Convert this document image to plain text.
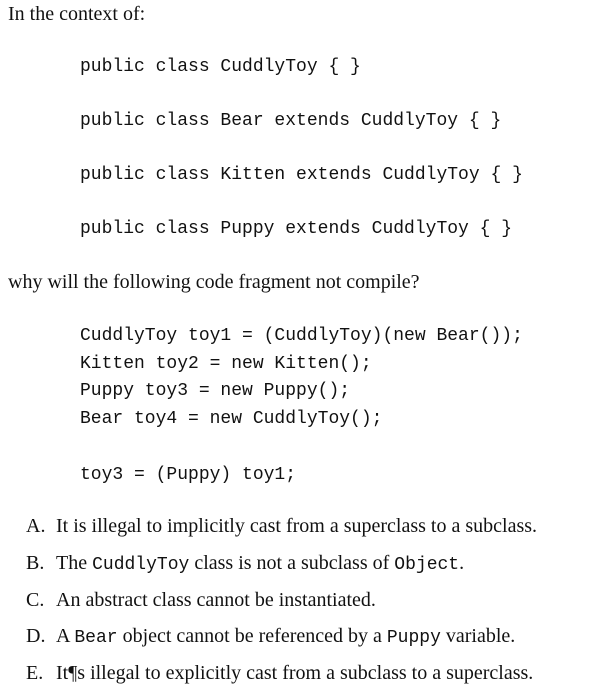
In the context of:
public class CuddlyToy { }
public class Bear extends CuddlyToy { }
public class Kitten extends CuddlyToy { }
public class Puppy extends CuddlyToy { }
why will the following code fragment not compile?
CuddlyToy toy1 = (CuddlyToy)(new Bear());
Kitten toy2 = new Kitten();
Puppy toy3 = new Puppy();
Bear toy4 = new CuddlyToy();
toy3 = (Puppy) toy1;
A. It is illegal to implicitly cast from a superclass to a subclass.
B. The CuddlyToy class is not a subclass of Object.
C. An abstract class cannot be instantiated.
D. A Bear object cannot be referenced by a Puppy variable.
E. It¶s illegal to explicitly cast from a subclass to a superclass.
